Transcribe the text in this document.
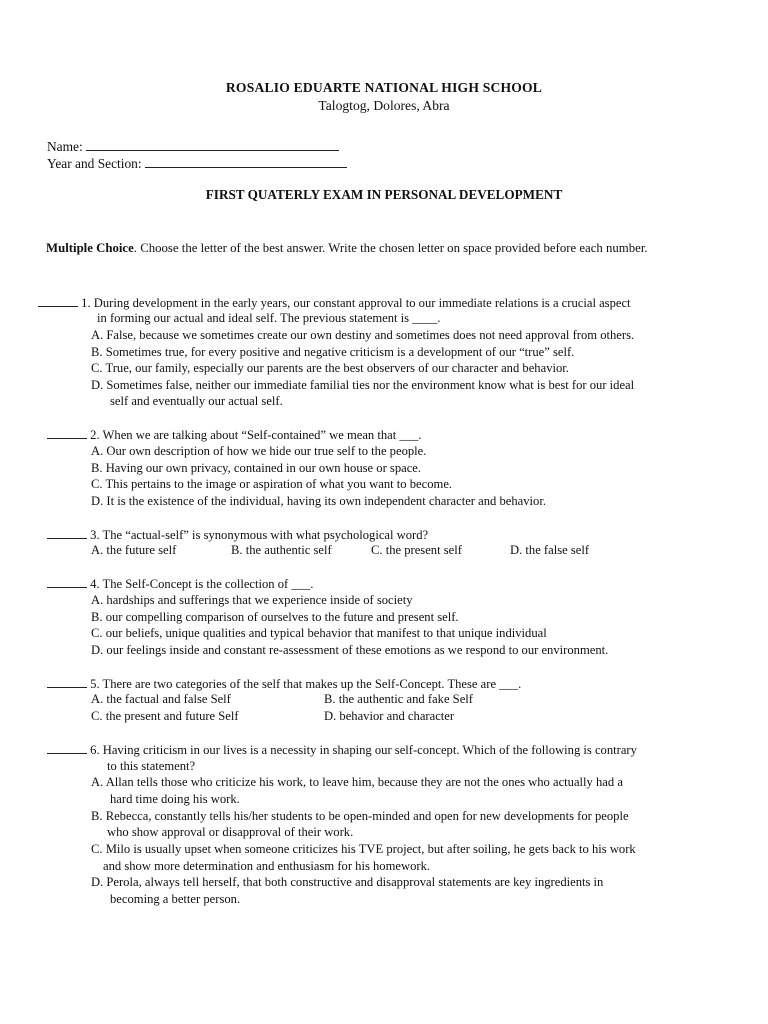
ROSALIO EDUARTE NATIONAL HIGH SCHOOL
Talogtog, Dolores, Abra
Name:
Year and Section:
FIRST QUATERLY EXAM IN PERSONAL DEVELOPMENT
Multiple Choice. Choose the letter of the best answer. Write the chosen letter on space provided before each number.
1. During development in the early years, our constant approval to our immediate relations is a crucial aspect
in forming our actual and ideal self. The previous statement is ____.
A. False, because we sometimes create our own destiny and sometimes does not need approval from others.
B. Sometimes true, for every positive and negative criticism is a development of our “true” self.
C. True, our family, especially our parents are the best observers of our character and behavior.
D. Sometimes false, neither our immediate familial ties nor the environment know what is best for our ideal
self and eventually our actual self.
2. When we are talking about “Self-contained” we mean that ___.
A. Our own description of how we hide our true self to the people.
B. Having our own privacy, contained in our own house or space.
C. This pertains to the image or aspiration of what you want to become.
D. It is the existence of the individual, having its own independent character and behavior.
3. The “actual-self” is synonymous with what psychological word?
A. the future self	B. the authentic self	C. the present self	D. the false self
4. The Self-Concept is the collection of ___.
A. hardships and sufferings that we experience inside of society
B. our compelling comparison of ourselves to the future and present self.
C. our beliefs, unique qualities and typical behavior that manifest to that unique individual
D. our feelings inside and constant re-assessment of these emotions as we respond to our environment.
5. There are two categories of the self that makes up the Self-Concept. These are ___.
A. the factual and false Self	B. the authentic and fake Self
C. the present and future Self	D. behavior and character
6. Having criticism in our lives is a necessity in shaping our self-concept. Which of the following is contrary
to this statement?
A. Allan tells those who criticize his work, to leave him, because they are not the ones who actually had a
hard time doing his work.
B. Rebecca, constantly tells his/her students to be open-minded and open for new developments for people
who show approval or disapproval of their work.
C. Milo is usually upset when someone criticizes his TVE project, but after soiling, he gets back to his work
and show more determination and enthusiasm for his homework.
D. Perola, always tell herself, that both constructive and disapproval statements are key ingredients in
becoming a better person.
